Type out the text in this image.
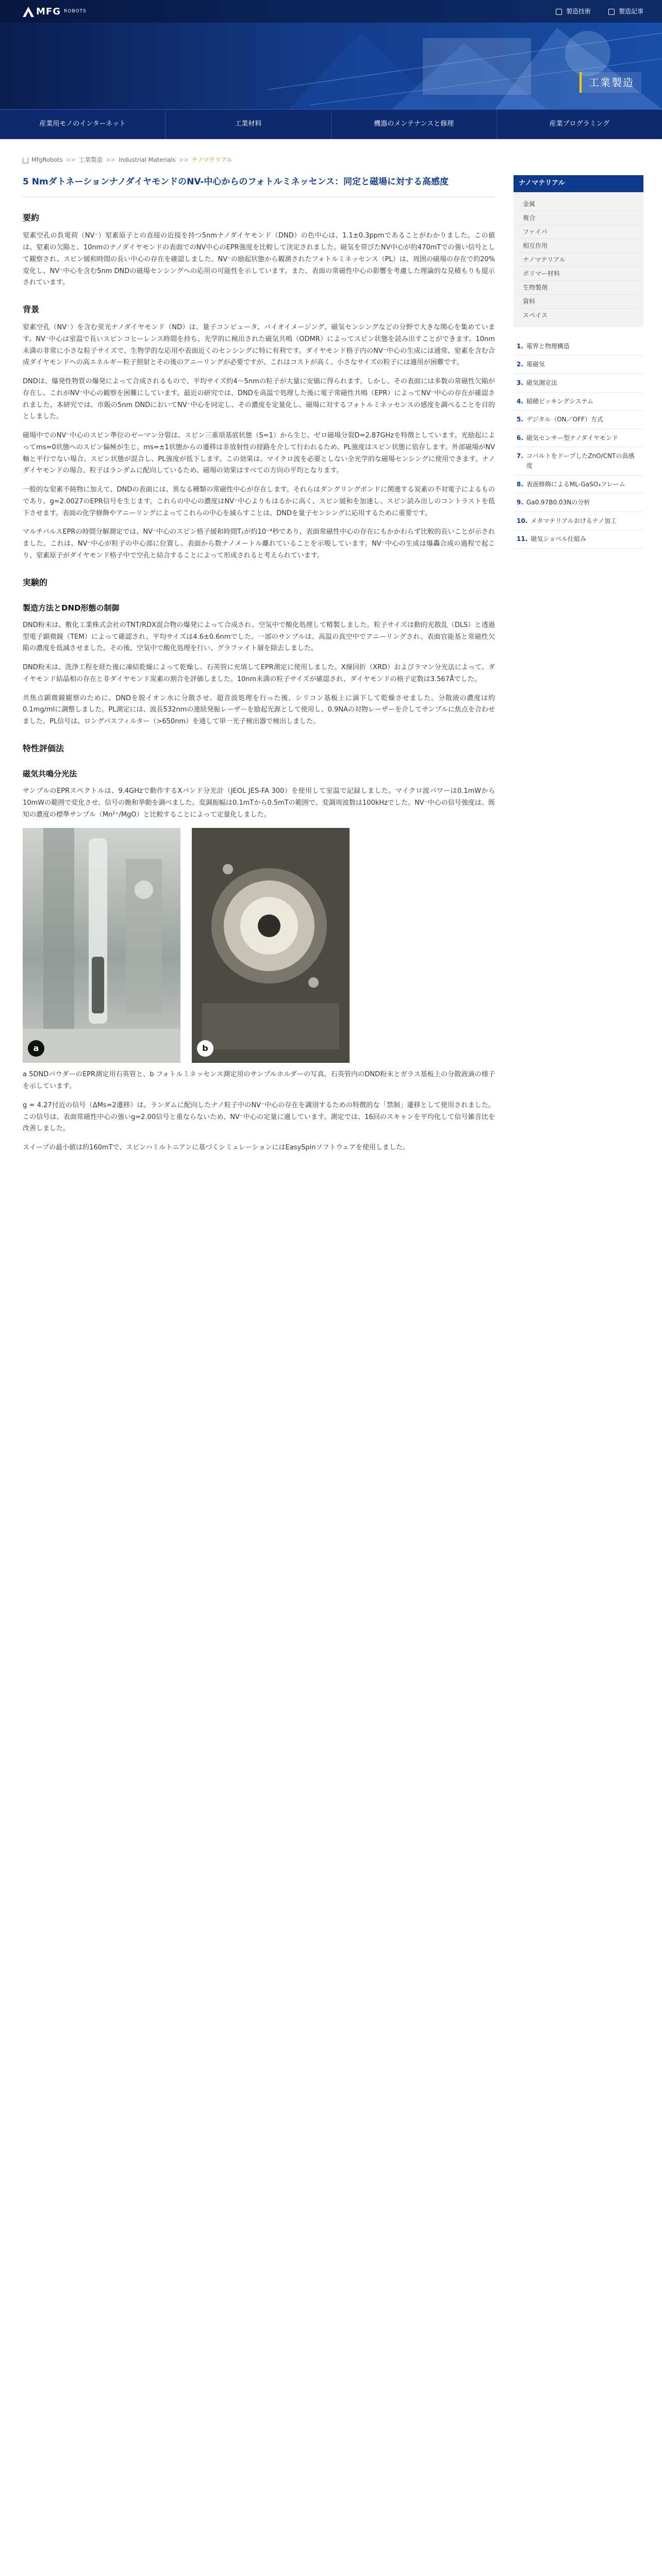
MFG ROBOTS	製造技術	製造記事
工業製造
産業用モノのインターネット	工業材料	機器のメンテナンスと修理	産業プログラミング
MfgRobots >> 工業製造 >> Industrial Materials >> ナノマテリアル
5 NmダトネーションナノダイヤモンドのNV-中心からのフォトルミネッセンス：同定と磁場に対する高感度
要約

窒素空孔の負電荷（NV⁻）窒素原子との直接の近接を持つ5nmナノダイヤモンド（DND）の色中心は、1.1±0.3ppmであることがわかりました。この値は、窒素の欠陥と、10nmのナノダイヤモンドの表面でのNV中心のEPR強度を比較して決定されました。磁気を帯びたNV中心が約470mTでの強い信号として観察され、スピン緩和時間の長い中心の存在を確認しました。NV⁻の励起状態から観測されたフォトルミネッセンス（PL）は、周囲の磁場の存在で約20%変化し、NV⁻中心を含む5nm DNDの磁場センシングへの応用の可能性を示しています。また、表面の常磁性中心の影響を考慮した理論的な見積もりも提示されています。

背景

窒素空孔（NV⁻）を含む蛍光ナノダイヤモンド（ND）は、量子コンピュータ、バイオイメージング、磁気センシングなどの分野で大きな関心を集めています。NV⁻中心は室温で長いスピンコヒーレンス時間を持ち、光学的に検出された磁気共鳴（ODMR）によってスピン状態を読み出すことができます。10nm未満の非常に小さな粒子サイズで、生物学的な応用や表面近くのセンシングに特に有利です。ダイヤモンド格子内のNV⁻中心の生成には通常、窒素を含む合成ダイヤモンドへの高エネルギー粒子照射とその後のアニーリングが必要ですが、これはコストが高く、小さなサイズの粒子には適用が困難です。

DNDは、爆発性物質の爆発によって合成されるもので、平均サイズ約4〜5nmの粒子が大量に安価に得られます。しかし、その表面には多数の常磁性欠陥が存在し、これがNV⁻中心の観察を困難にしています。最近の研究では、DNDを高温で処理した後に電子常磁性共鳴（EPR）によってNV⁻中心の存在が確認されました。本研究では、市販の5nm DNDにおいてNV⁻中心を同定し、その濃度を定量化し、磁場に対するフォトルミネッセンスの感度を調べることを目的としました。

磁場中でのNV⁻中心のスピン準位のゼーマン分裂は、スピン三重項基底状態（S=1）から生じ、ゼロ磁場分裂D=2.87GHzを特徴としています。光励起によってms=0状態へのスピン偏極が生じ、ms=±1状態からの遷移は非放射性の経路を介して行われるため、PL強度はスピン状態に依存します。外部磁場がNV軸と平行でない場合、スピン状態が混合し、PL強度が低下します。この効果は、マイクロ波を必要としない全光学的な磁場センシングに使用できます。ナノダイヤモンドの場合、粒子はランダムに配向しているため、磁場の効果はすべての方向の平均となります。

一般的な窒素不純物に加えて、DNDの表面には、異なる種類の常磁性中心が存在します。それらはダングリングボンドに関連する炭素の不対電子によるものであり、g≈2.0027のEPR信号を生じます。これらの中心の濃度はNV⁻中心よりもはるかに高く、スピン緩和を加速し、スピン読み出しのコントラストを低下させます。表面の化学修飾やアニーリングによってこれらの中心を減らすことは、DNDを量子センシングに応用するために重要です。

マルチパルスEPRの時間分解測定では、NV⁻中心のスピン格子緩和時間T₁が約10⁻⁴秒であり、表面常磁性中心の存在にもかかわらず比較的長いことが示されました。これは、NV⁻中心が粒子の中心部に位置し、表面から数ナノメートル離れていることを示唆しています。NV⁻中心の生成は爆轟合成の過程で起こり、窒素原子がダイヤモンド格子中で空孔と結合することによって形成されると考えられています。

実験的
製造方法とDND形態の制御

DND粉末は、敷化工業株式会社のTNT/RDX混合物の爆発によって合成され、空気中で酸化処理して精製しました。粒子サイズは動的光散乱（DLS）と透過型電子顕微鏡（TEM）によって確認され、平均サイズは4.6±0.6nmでした。一部のサンプルは、高温の真空中でアニーリングされ、表面官能基と常磁性欠陥の濃度を低減させました。その後、空気中で酸化処理を行い、グラファイト層を除去しました。

DND粉末は、洗浄工程を経た後に凍結乾燥によって乾燥し、石英管に充填してEPR測定に使用しました。X線回折（XRD）およびラマン分光法によって、ダイヤモンド結晶相の存在と非ダイヤモンド炭素の割合を評価しました。10nm未満の粒子サイズが確認され、ダイヤモンドの格子定数は3.567Åでした。

共焦点顕微鏡観察のために、DNDを脱イオン水に分散させ、超音波処理を行った後、シリコン基板上に滴下して乾燥させました。分散液の濃度は約0.1mg/mlに調整しました。PL測定には、波長532nmの連続発振レーザーを励起光源として使用し、0.9NAの対物レーザーを介してサンプルに焦点を合わせました。PL信号は、ロングパスフィルター（>650nm）を通して単一光子検出器で検出しました。

特性評価法
磁気共鳴分光法

サンプルのEPRスペクトルは、9.4GHzで動作するXバンド分光計（JEOL JES-FA 300）を使用して室温で記録しました。マイクロ波パワーは0.1mWから10mWの範囲で変化させ、信号の飽和挙動を調べました。変調振幅は0.1mTから0.5mTの範囲で、変調周波数は100kHzでした。NV⁻中心の信号強度は、既知の濃度の標準サンプル（Mn²⁺/MgO）と比較することによって定量化しました。

a	b

a 5DNDパウダーのEPR測定用石英管と、b フォトルミネッセンス測定用のサンプルホルダーの写真。石英管内のDND粉末とガラス基板上の分散液滴の様子を示しています。

g = 4.27付近の信号（ΔMs=2遷移）は、ランダムに配向したナノ粒子中のNV⁻中心の存在を識別するための特徴的な「禁制」遷移として使用されました。この信号は、表面常磁性中心の強いg=2.00信号と重ならないため、NV⁻中心の定量に適しています。測定では、16回のスキャンを平均化して信号雑音比を改善しました。

スイープの最小値は約160mTで、スピンハミルトニアンに基づくシミュレーションにはEasySpinソフトウェアを使用しました。

ナノマテリアル
金属
複合
ファイバ
相互作用
ナノマテリアル
ポリマー材料
生物製剤
資料
スペイス
1. 電界と物理構造
2. 電磁気
3. 磁気測定法
4. 稲穂ピッキングシステム
5. デジタル（ON／OFF）方式
6. 磁気センサー型ナノダイヤモンド
7. コバルトをドープしたZnO/CNTの高感度
8. 表面修飾によるML-GaSO₃フレーム
9. Ga0.97B0.03Nの分析
10. メタマテリアルおけるナノ加工
11. 磁気ショベル仕組み
